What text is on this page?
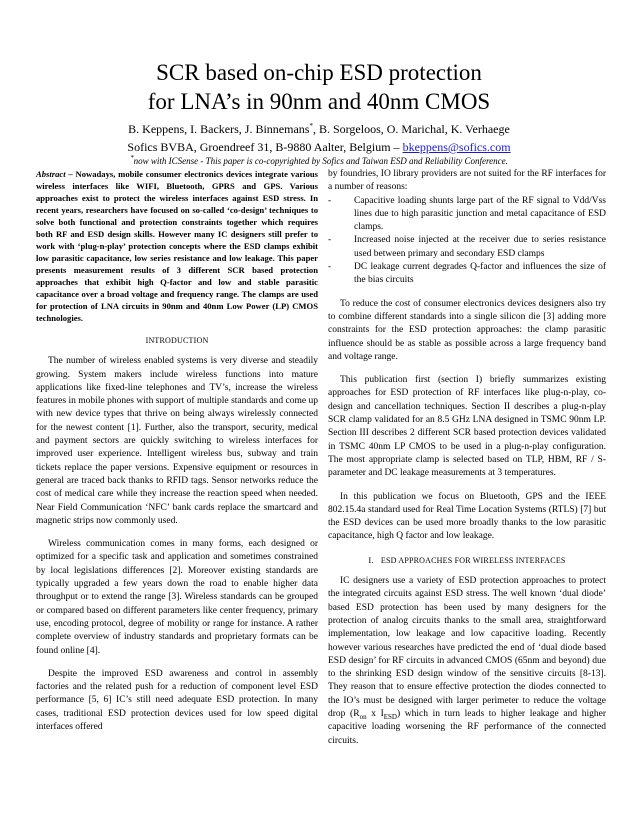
SCR based on-chip ESD protection
for LNA’s in 90nm and 40nm CMOS
B. Keppens, I. Backers, J. Binnemans*, B. Sorgeloos, O. Marichal, K. Verhaege
Sofics BVBA, Groendreef 31, B-9880 Aalter, Belgium – bkeppens@sofics.com
*now with ICSense - This paper is co-copyrighted by Sofics and Taiwan ESD and Reliability Conference.

Abstract – Nowadays, mobile consumer electronics devices integrate various wireless interfaces like WIFI, Bluetooth, GPRS and GPS. Various approaches exist to protect the wireless interfaces against ESD stress. In recent years, researchers have focused on so-called ‘co-design’ techniques to solve both functional and protection constraints together which requires both RF and ESD design skills. However many IC designers still prefer to work with ‘plug-n-play’ protection concepts where the ESD clamps exhibit low parasitic capacitance, low series resistance and low leakage. This paper presents measurement results of 3 different SCR based protection approaches that exhibit high Q-factor and low and stable parasitic capacitance over a broad voltage and frequency range. The clamps are used for protection of LNA circuits in 90nm and 40nm Low Power (LP) CMOS technologies.

INTRODUCTION

The number of wireless enabled systems is very diverse and steadily growing. System makers include wireless functions into mature applications like fixed-line telephones and TV’s, increase the wireless features in mobile phones with support of multiple standards and come up with new device types that thrive on being always wirelessly connected for the newest content [1]. Further, also the transport, security, medical and payment sectors are quickly switching to wireless interfaces for improved user experience. Intelligent wireless bus, subway and train tickets replace the paper versions. Expensive equipment or resources in general are traced back thanks to RFID tags. Sensor networks reduce the cost of medical care while they increase the reaction speed when needed. Near Field Communication ‘NFC’ bank cards replace the smartcard and magnetic strips now commonly used.

Wireless communication comes in many forms, each designed or optimized for a specific task and application and sometimes constrained by local legislations differences [2]. Moreover existing standards are typically upgraded a few years down the road to enable higher data throughput or to extend the range [3]. Wireless standards can be grouped or compared based on different parameters like center frequency, primary use, encoding protocol, degree of mobility or range for instance. A rather complete overview of industry standards and proprietary formats can be found online [4].

Despite the improved ESD awareness and control in assembly factories and the related push for a reduction of component level ESD performance [5, 6] IC’s still need adequate ESD protection. In many cases, traditional ESD protection devices used for low speed digital interfaces offered

by foundries, IO library providers are not suited for the RF interfaces for a number of reasons:

- Capacitive loading shunts large part of the RF signal to Vdd/Vss lines due to high parasitic junction and metal capacitance of ESD clamps.
- Increased noise injected at the receiver due to series resistance used between primary and secondary ESD clamps
- DC leakage current degrades Q-factor and influences the size of the bias circuits

To reduce the cost of consumer electronics devices designers also try to combine different standards into a single silicon die [3] adding more constraints for the ESD protection approaches: the clamp parasitic influence should be as stable as possible across a large frequency band and voltage range.

This publication first (section I) briefly summarizes existing approaches for ESD protection of RF interfaces like plug-n-play, co-design and cancellation techniques. Section II describes a plug-n-play SCR clamp validated for an 8.5 GHz LNA designed in TSMC 90nm LP. Section III describes 2 different SCR based protection devices validated in TSMC 40nm LP CMOS to be used in a plug-n-play configuration. The most appropriate clamp is selected based on TLP, HBM, RF / S-parameter and DC leakage measurements at 3 temperatures.

In this publication we focus on Bluetooth, GPS and the IEEE 802.15.4a standard used for Real Time Location Systems (RTLS) [7] but the ESD devices can be used more broadly thanks to the low parasitic capacitance, high Q factor and low leakage.

I. ESD APPROACHES FOR WIRELESS INTERFACES

IC designers use a variety of ESD protection approaches to protect the integrated circuits against ESD stress. The well known ‘dual diode’ based ESD protection has been used by many designers for the protection of analog circuits thanks to the small area, straightforward implementation, low leakage and low capacitive loading. Recently however various researches have predicted the end of ‘dual diode based ESD design’ for RF circuits in advanced CMOS (65nm and beyond) due to the shrinking ESD design window of the sensitive circuits [8-13]. They reason that to ensure effective protection the diodes connected to the IO’s must be designed with larger perimeter to reduce the voltage drop ($R_{on}$ x $I_{ESD}$) which in turn leads to higher leakage and higher capacitive loading worsening the RF performance of the connected circuits.
